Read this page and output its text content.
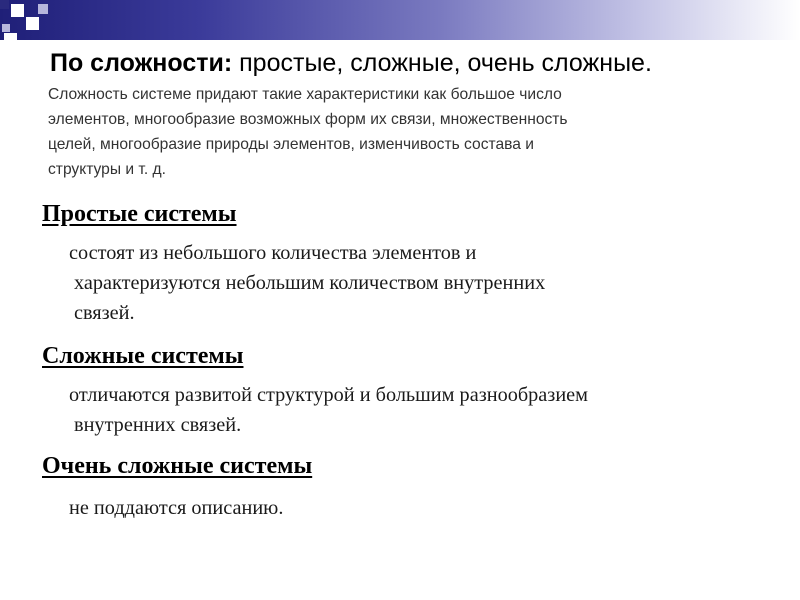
По сложности: простые, сложные, очень сложные.
Сложность системе придают такие характеристики как большое число
элементов, многообразие возможных форм их связи, множественность
целей, многообразие природы элементов, изменчивость состава и
структуры и т. д.
Простые системы
состоят из небольшого количества элементов и
характеризуются небольшим количеством внутренних
связей.
Сложные системы
отличаются развитой структурой и большим разнообразием
внутренних связей.
Очень сложные системы
не поддаются описанию.
